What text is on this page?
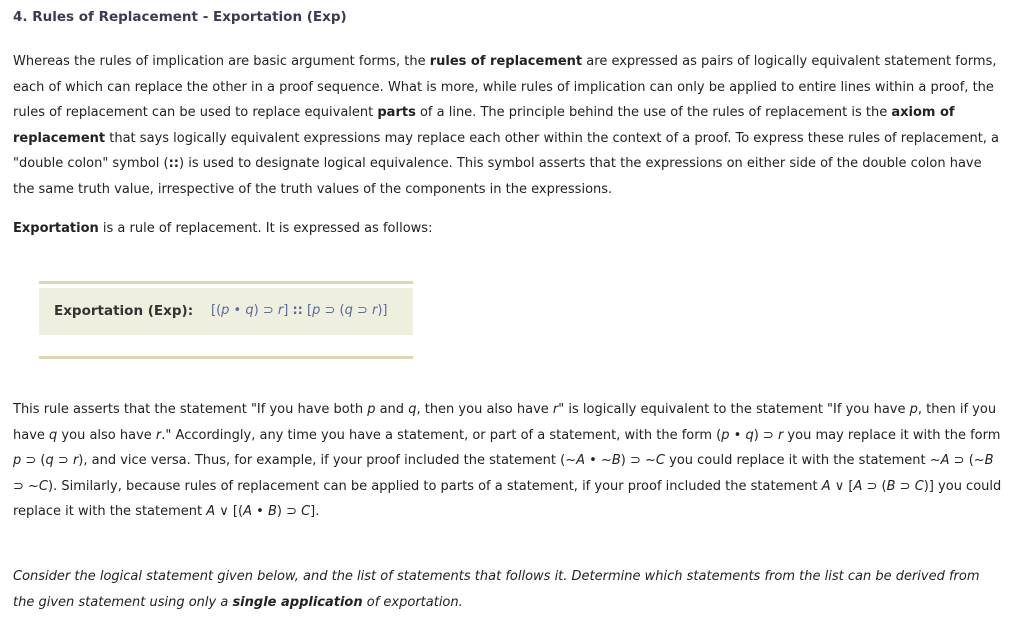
4. Rules of Replacement - Exportation (Exp)

Whereas the rules of implication are basic argument forms, the rules of replacement are expressed as pairs of logically equivalent statement forms, each of which can replace the other in a proof sequence. What is more, while rules of implication can only be applied to entire lines within a proof, the rules of replacement can be used to replace equivalent parts of a line. The principle behind the use of the rules of replacement is the axiom of replacement that says logically equivalent expressions may replace each other within the context of a proof. To express these rules of replacement, a "double colon" symbol (::) is used to designate logical equivalence. This symbol asserts that the expressions on either side of the double colon have the same truth value, irrespective of the truth values of the components in the expressions.

Exportation is a rule of replacement. It is expressed as follows:

Exportation (Exp): [(p • q) ⊃ r] :: [p ⊃ (q ⊃ r)]

This rule asserts that the statement "If you have both p and q, then you also have r" is logically equivalent to the statement "If you have p, then if you have q you also have r." Accordingly, any time you have a statement, or part of a statement, with the form (p • q) ⊃ r you may replace it with the form p ⊃ (q ⊃ r), and vice versa. Thus, for example, if your proof included the statement (~A • ~B) ⊃ ~C you could replace it with the statement ~A ⊃ (~B ⊃ ~C). Similarly, because rules of replacement can be applied to parts of a statement, if your proof included the statement A ∨ [A ⊃ (B ⊃ C)] you could replace it with the statement A ∨ [(A • B) ⊃ C].

Consider the logical statement given below, and the list of statements that follows it. Determine which statements from the list can be derived from the given statement using only a single application of exportation.
